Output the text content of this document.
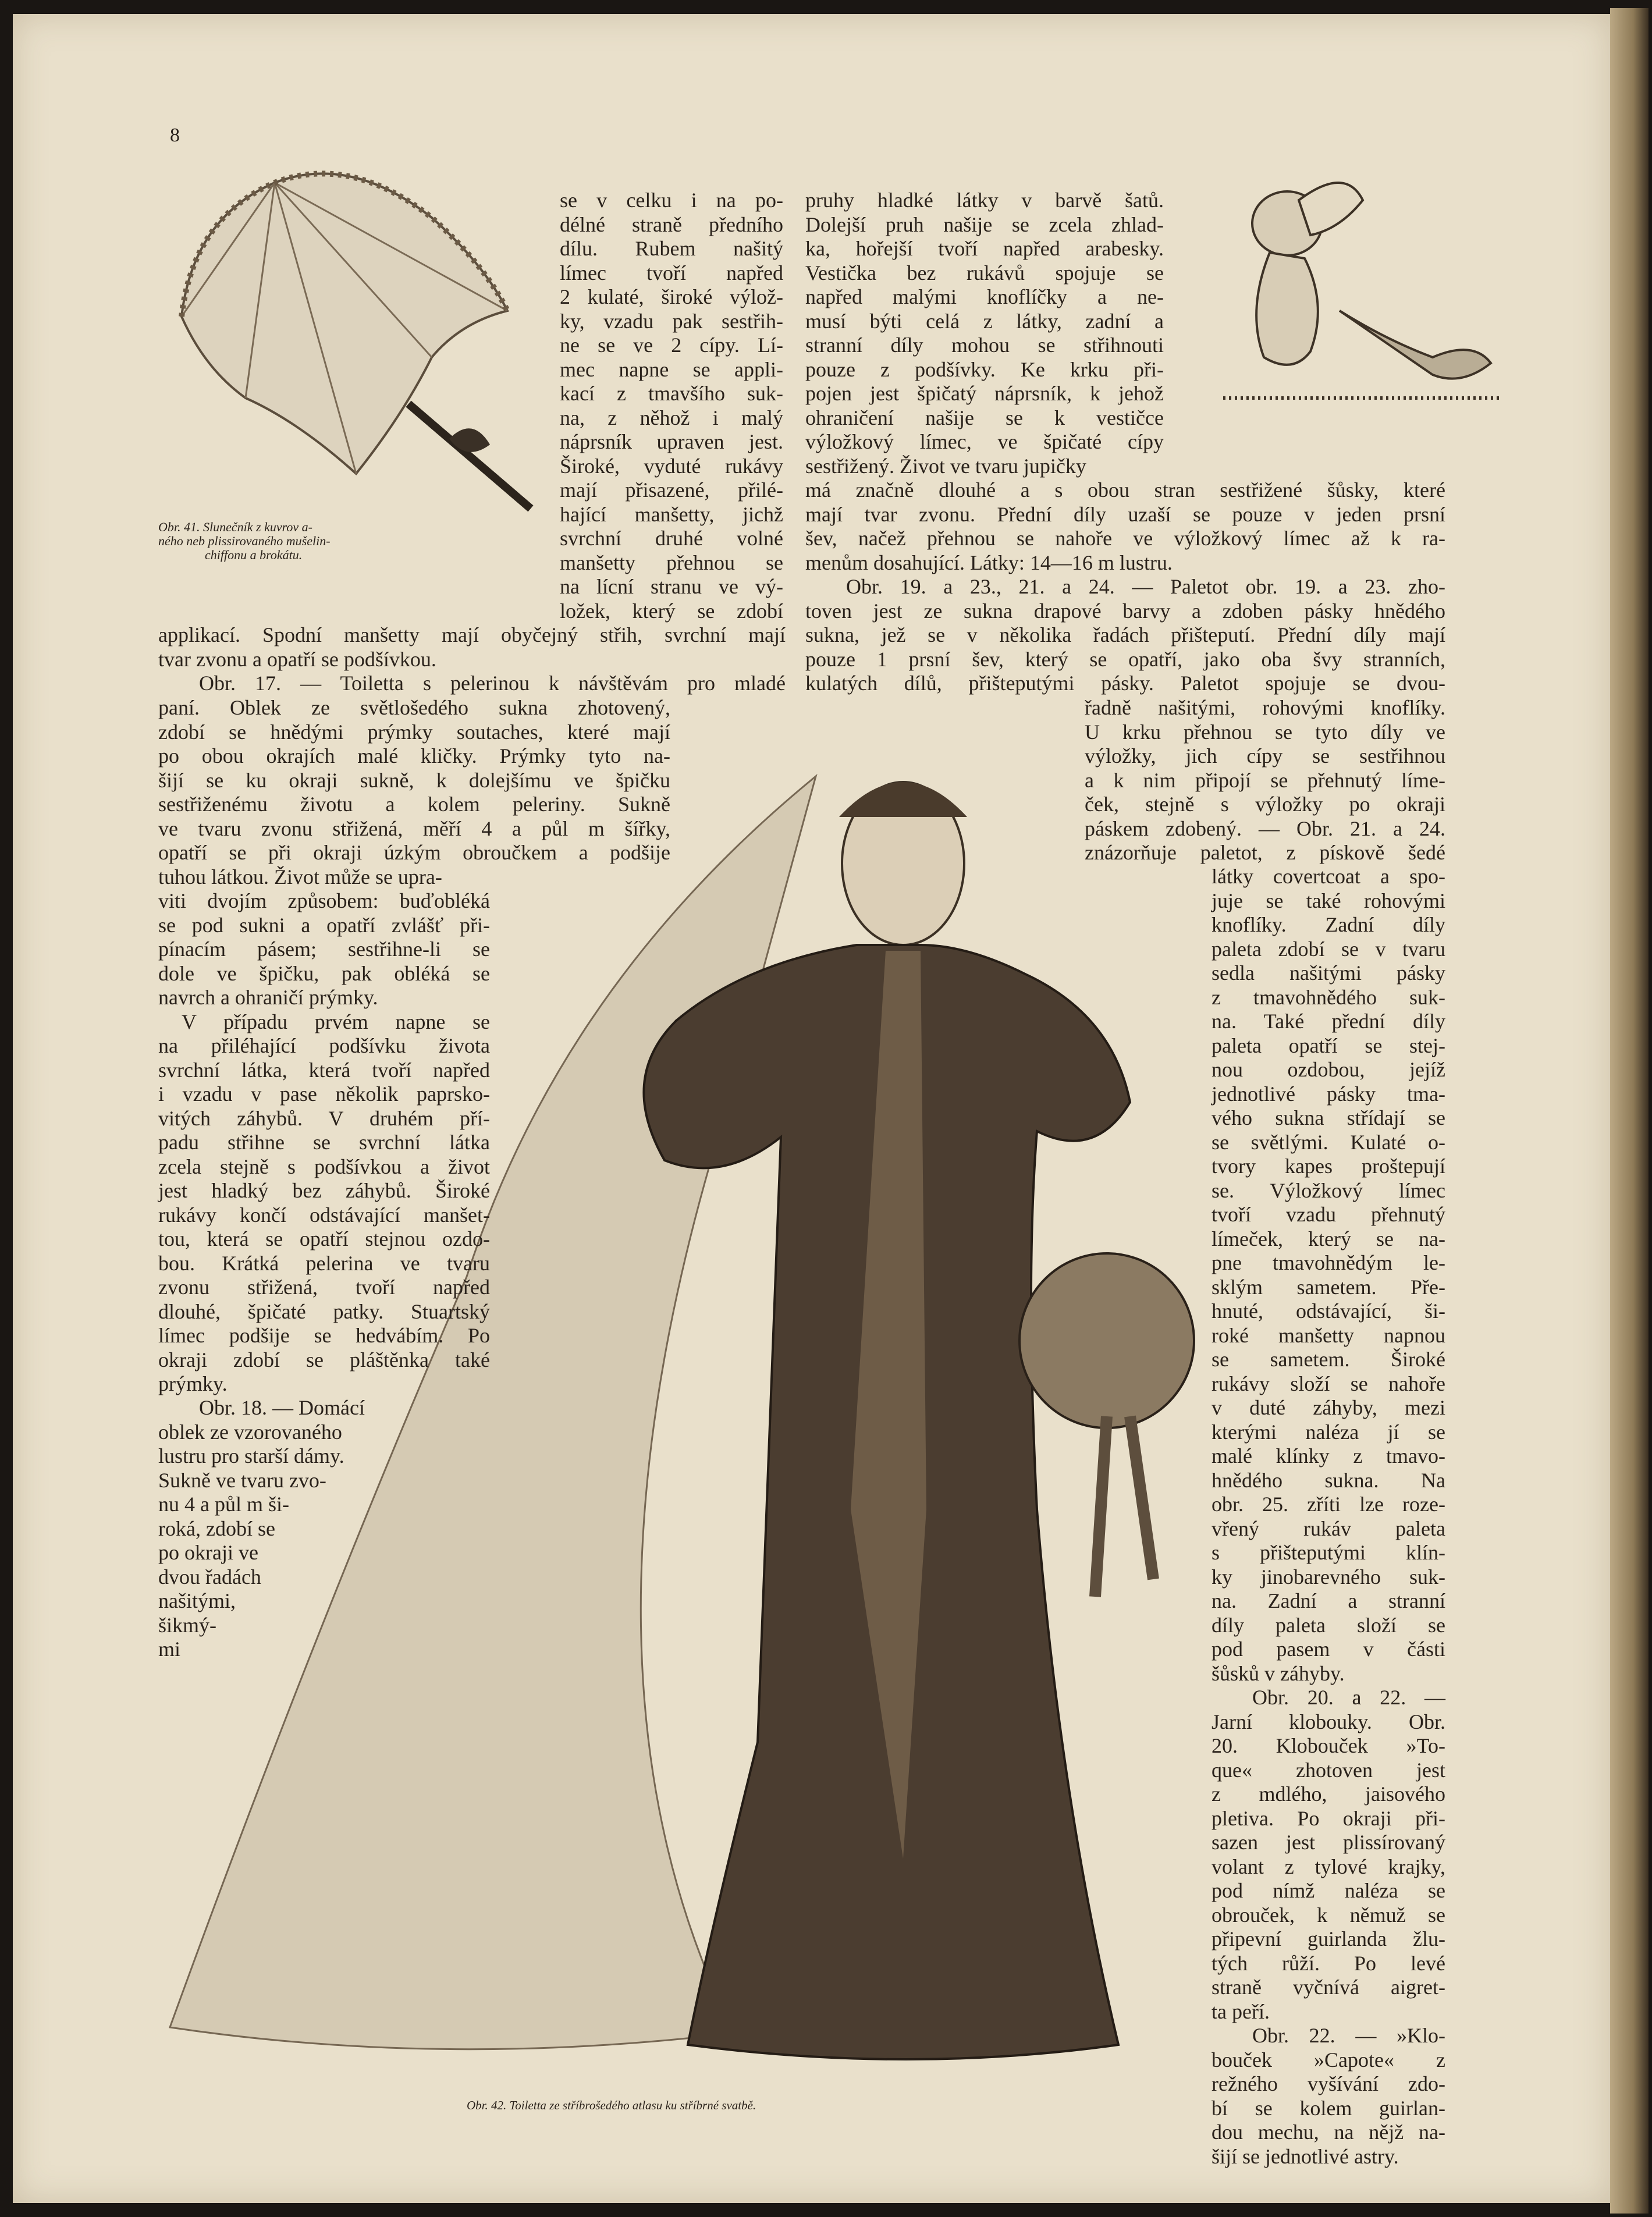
8
Obr. 41. Slunečník z kuvrov a-
ného neb plissirovaného mušelin-
chiffonu a brokátu.
Obr. 42. Toiletta ze stříbrošedého atlasu ku stříbrné svatbě.
se v celku i na po-
délné straně předního
dílu. Rubem našitý
límec tvoří napřed
2 kulaté, široké výlož-
ky, vzadu pak sestřih-
ne se ve 2 cípy. Lí-
mec napne se appli-
kací z tmavšího suk-
na, z něhož i malý
náprsník upraven jest.
Široké, vyduté rukávy
mají přisazené, přilé-
hající manšetty, jichž
svrchní druhé volné
manšetty přehnou se
na lícní stranu ve vý-
ložek, který se zdobí
applikací. Spodní manšetty mají obyčejný střih, svrchní mají
tvar zvonu a opatří se podšívkou.
Obr. 17. — Toiletta s pelerinou k návštěvám pro mladé
paní. Oblek ze světlošedého sukna zhotovený,
zdobí se hnědými prýmky soutaches, které mají
po obou okrajích malé kličky. Prýmky tyto na-
šijí se ku okraji sukně, k dolejšímu ve špičku
sestřiženému životu a kolem peleriny. Sukně
ve tvaru zvonu střižená, měří 4 a půl m šířky,
opatří se při okraji úzkým obroučkem a podšije
tuhou látkou. Život může se upra-
viti dvojím způsobem: buďobléká
se pod sukni a opatří zvlášť při-
pínacím pásem; sestřihne-li se
dole ve špičku, pak obléká se
navrch a ohraničí prýmky.
V případu prvém napne se
na přiléhající podšívku života
svrchní látka, která tvoří napřed
i vzadu v pase několik paprsko-
vitých záhybů. V druhém pří-
padu střihne se svrchní látka
zcela stejně s podšívkou a život
jest hladký bez záhybů. Široké
rukávy končí odstávající manšet-
tou, která se opatří stejnou ozdo-
bou. Krátká pelerina ve tvaru
zvonu střižená, tvoří napřed
dlouhé, špičaté patky. Stuartský
límec podšije se hedvábím. Po
okraji zdobí se pláštěnka také
prýmky.
Obr. 18. — Domácí
oblek ze vzorovaného
lustru pro starší dámy.
Sukně ve tvaru zvo-
nu 4 a půl m ši-
roká, zdobí se
po okraji ve
dvou řadách
našitými,
šikmý-
mi
pruhy hladké látky v barvě šatů.
Dolejší pruh našije se zcela zhlad-
ka, hořejší tvoří napřed arabesky.
Vestička bez rukávů spojuje se
napřed malými knoflíčky a ne-
musí býti celá z látky, zadní a
stranní díly mohou se střihnouti
pouze z podšívky. Ke krku při-
pojen jest špičatý náprsník, k jehož
ohraničení našije se k vestičce
výložkový límec, ve špičaté cípy
sestřižený. Život ve tvaru jupičky
má značně dlouhé a s obou stran sestřižené šůsky, které
mají tvar zvonu. Přední díly uzaší se pouze v jeden prsní
šev, načež přehnou se nahoře ve výložkový límec až k ra-
menům dosahující. Látky: 14—16 m lustru.
Obr. 19. a 23., 21. a 24. — Paletot obr. 19. a 23. zho-
toven jest ze sukna drapové barvy a zdoben pásky hnědého
sukna, jež se v několika řadách přišteputí. Přední díly mají
pouze 1 prsní šev, který se opatří, jako oba švy stranních,
kulatých dílů, přišteputými pásky. Paletot spojuje se dvou-
řadně našitými, rohovými knoflíky.
U krku přehnou se tyto díly ve
výložky, jich cípy se sestřihnou
a k nim připojí se přehnutý líme-
ček, stejně s výložky po okraji
páskem zdobený. — Obr. 21. a 24.
znázorňuje paletot, z pískově šedé
látky covertcoat a spo-
juje se také rohovými
knoflíky. Zadní díly
paleta zdobí se v tvaru
sedla našitými pásky
z tmavohnědého suk-
na. Také přední díly
paleta opatří se stej-
nou ozdobou, jejíž
jednotlivé pásky tma-
vého sukna střídají se
se světlými. Kulaté o-
tvory kapes proštepují
se. Výložkový límec
tvoří vzadu přehnutý
límeček, který se na-
pne tmavohnědým le-
sklým sametem. Pře-
hnuté, odstávající, ši-
roké manšetty napnou
se sametem. Široké
rukávy složí se nahoře
v duté záhyby, mezi
kterými naléza jí se
malé klínky z tmavo-
hnědého sukna. Na
obr. 25. zříti lze roze-
vřený rukáv paleta
s přišteputými klín-
ky jinobarevného suk-
na. Zadní a stranní
díly paleta složí se
pod pasem v části
šůsků v záhyby.
Obr. 20. a 22. —
Jarní klobouky. Obr.
20. Klobouček »To-
que« zhotoven jest
z mdlého, jaisového
pletiva. Po okraji při-
sazen jest plissírovaný
volant z tylové krajky,
pod nímž naléza se
obrouček, k němuž se
připevní guirlanda žlu-
tých růží. Po levé
straně vyčnívá aigret-
ta peří.
Obr. 22. — »Klo-
bouček »Capote« z
režného vyšívání zdo-
bí se kolem guirlan-
dou mechu, na nějž na-
šijí se jednotlivé astry.
